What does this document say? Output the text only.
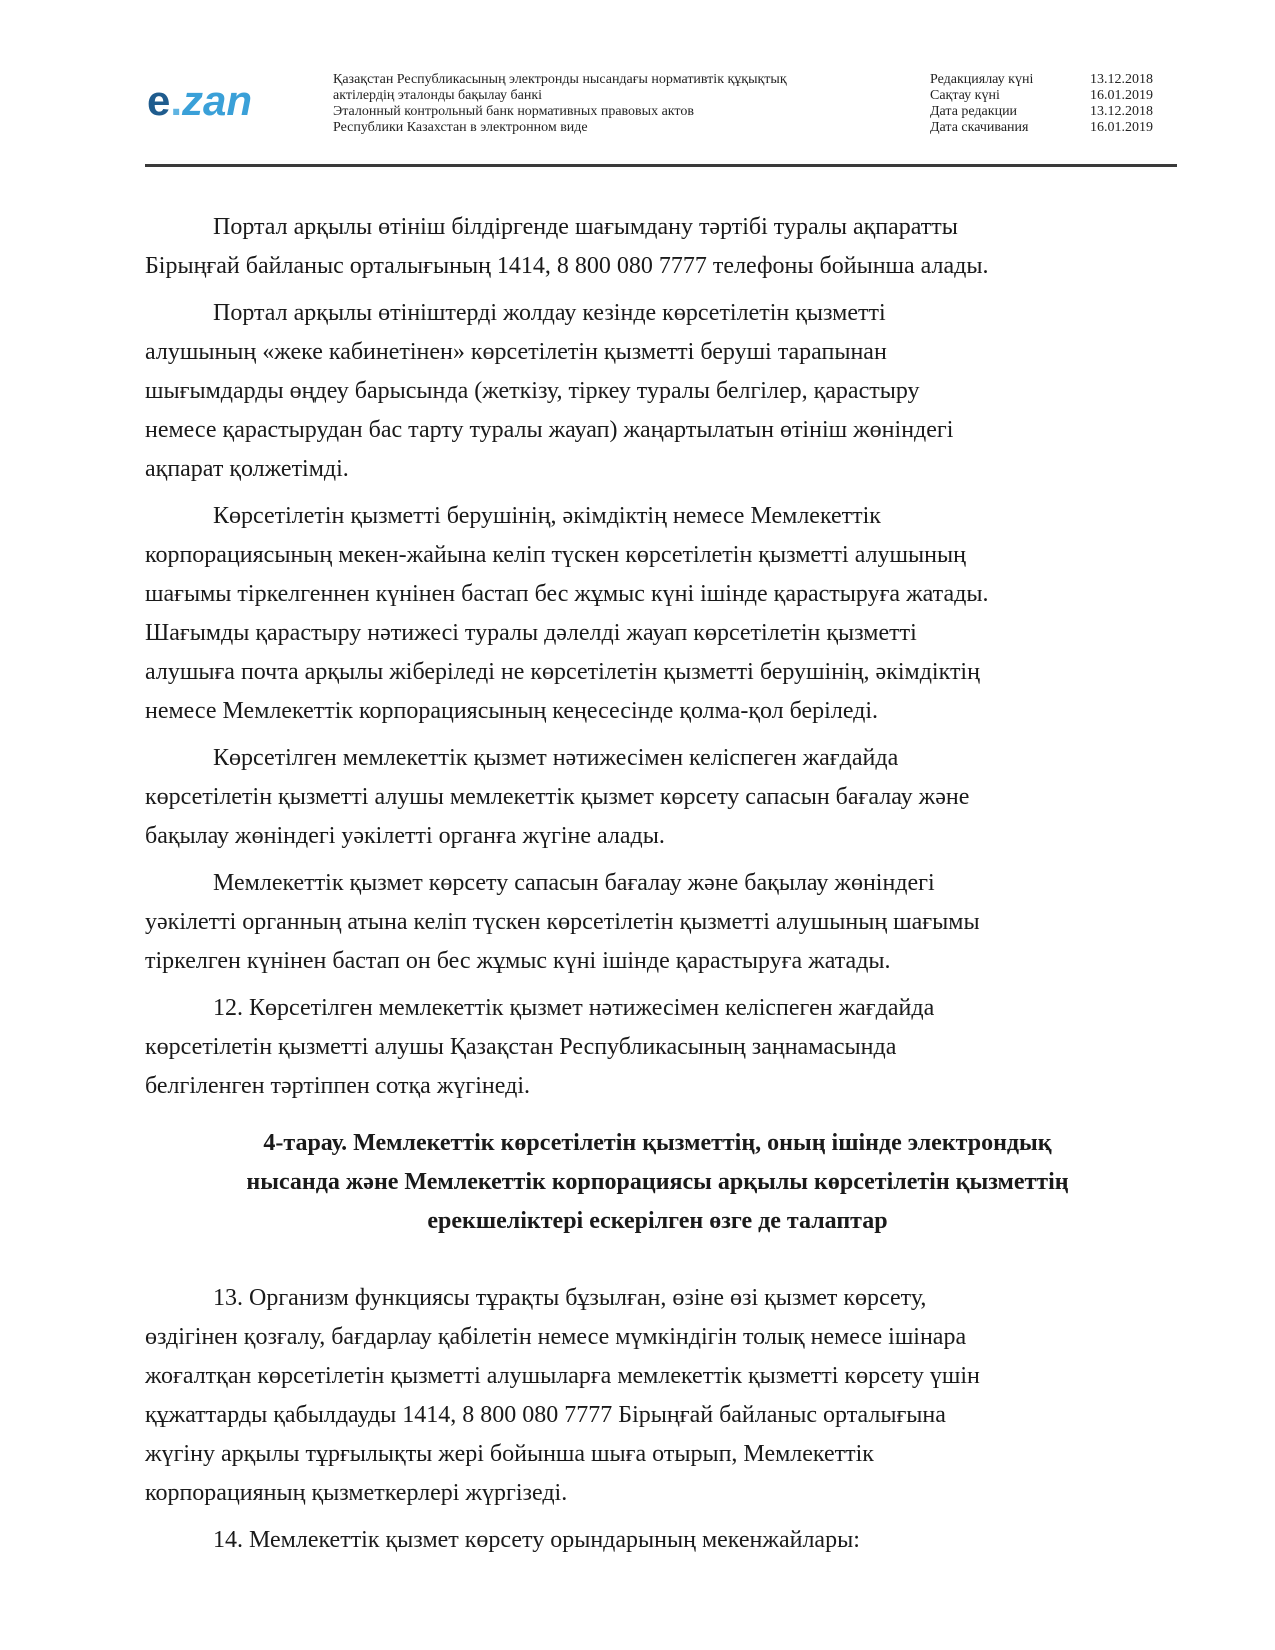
e.zan	Қазақстан Республикасының электронды нысандағы нормативтік құқықтық
актілердің эталонды бақылау банкі
Эталонный контрольный банк нормативных правовых актов
Республики Казахстан в электронном виде
Редакциялау күні	13.12.2018
Сақтау күні	16.01.2019
Дата редакции	13.12.2018
Дата скачивания	16.01.2019
Портал арқылы өтініш білдіргенде шағымдану тәртібі туралы ақпаратты
Бірыңғай байланыс орталығының 1414, 8 800 080 7777 телефоны бойынша алады.
Портал арқылы өтініштерді жолдау кезінде көрсетілетін қызметті
алушының «жеке кабинетінен» көрсетілетін қызметті беруші тарапынан
шығымдарды өңдеу барысында (жеткізу, тіркеу туралы белгілер, қарастыру
немесе қарастырудан бас тарту туралы жауап) жаңартылатын өтініш жөніндегі
ақпарат қолжетімді.
Көрсетілетін қызметті берушінің, әкімдіктің немесе Мемлекеттік
корпорациясының мекен-жайына келіп түскен көрсетілетін қызметті алушының
шағымы тіркелгеннен күнінен бастап бес жұмыс күні ішінде қарастыруға жатады.
Шағымды қарастыру нәтижесі туралы дәлелді жауап көрсетілетін қызметті
алушыға почта арқылы жіберіледі не көрсетілетін қызметті берушінің, әкімдіктің
немесе Мемлекеттік корпорациясының кеңесесінде қолма-қол беріледі.
Көрсетілген мемлекеттік қызмет нәтижесімен келіспеген жағдайда
көрсетілетін қызметті алушы мемлекеттік қызмет көрсету сапасын бағалау және
бақылау жөніндегі уәкілетті органға жүгіне алады.
Мемлекеттік қызмет көрсету сапасын бағалау және бақылау жөніндегі
уәкілетті органның атына келіп түскен көрсетілетін қызметті алушының шағымы
тіркелген күнінен бастап он бес жұмыс күні ішінде қарастыруға жатады.
12. Көрсетілген мемлекеттік қызмет нәтижесімен келіспеген жағдайда
көрсетілетін қызметті алушы Қазақстан Республикасының заңнамасында
белгіленген тәртіппен сотқа жүгінеді.
4-тарау. Мемлекеттік көрсетілетін қызметтің, оның ішінде электрондық
нысанда және Мемлекеттік корпорациясы арқылы көрсетілетін қызметтің
ерекшеліктері ескерілген өзге де талаптар
13. Организм функциясы тұрақты бұзылған, өзіне өзі қызмет көрсету,
өздігінен қозғалу, бағдарлау қабілетін немесе мүмкіндігін толық немесе ішінара
жоғалтқан көрсетілетін қызметті алушыларға мемлекеттік қызметті көрсету үшін
құжаттарды қабылдауды 1414, 8 800 080 7777 Бірыңғай байланыс орталығына
жүгіну арқылы тұрғылықты жері бойынша шыға отырып, Мемлекеттік
корпорацияның қызметкерлері жүргізеді.
14. Мемлекеттік қызмет көрсету орындарының мекенжайлары:
